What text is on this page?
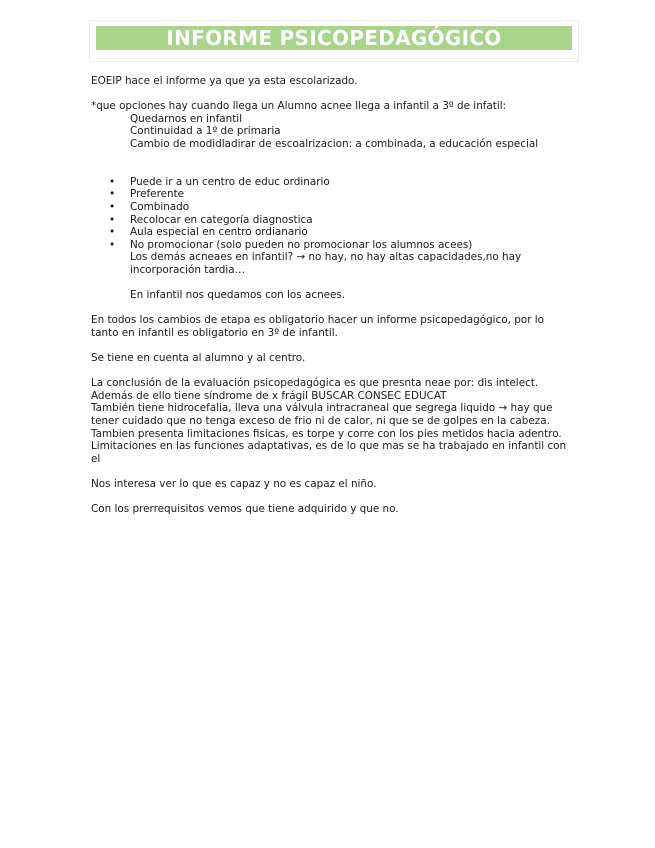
INFORME PSICOPEDAGÓGICO

EOEIP hace el informe ya que ya esta escolarizado.

*que opciones hay cuando llega un Alumno acnee llega a infantil a 3º de infatil:

Quedarnos en infantil

Continuidad a 1º de primaria

Cambio de modidladirar de escoalrizacion: a combinada, a educación especial

• Puede ir a un centro de educ ordinario
• Preferente
• Combinado
• Recolocar en categoría diagnostica
• Aula especial en centro ordianario
• No promocionar (solo pueden no promocionar los alumnos acees)

Los demás acneaes en infantil? → no hay, no hay altas capacidades,no hay incorporación tardia…

En infantil nos quedamos con los acnees.

En todos los cambios de etapa es obligatorio hacer un informe psicopedagógico, por lo tanto en infantil es obligatorio en 3º de infantil.

Se tiene en cuenta al alumno y al centro.

La conclusión de la evaluación psicopedagógica es que presnta neae por: dis intelect.

Además de ello tiene síndrome de x frágil BUSCAR CONSEC EDUCAT

También tiene hidrocefalia, lleva una válvula intracraneal que segrega liquido → hay que tener cuidado que no tenga exceso de frio ni de calor, ni que se de golpes en la cabeza.

Tambien presenta limitaciones fisicas, es torpe y corre con los pies metidos hacia adentro.

Limitaciones en las funciones adaptativas, es de lo que mas se ha trabajado en infantil con el

Nos interesa ver lo que es capaz y no es capaz el niño.

Con los prerrequisitos vemos que tiene adquirido y que no.
